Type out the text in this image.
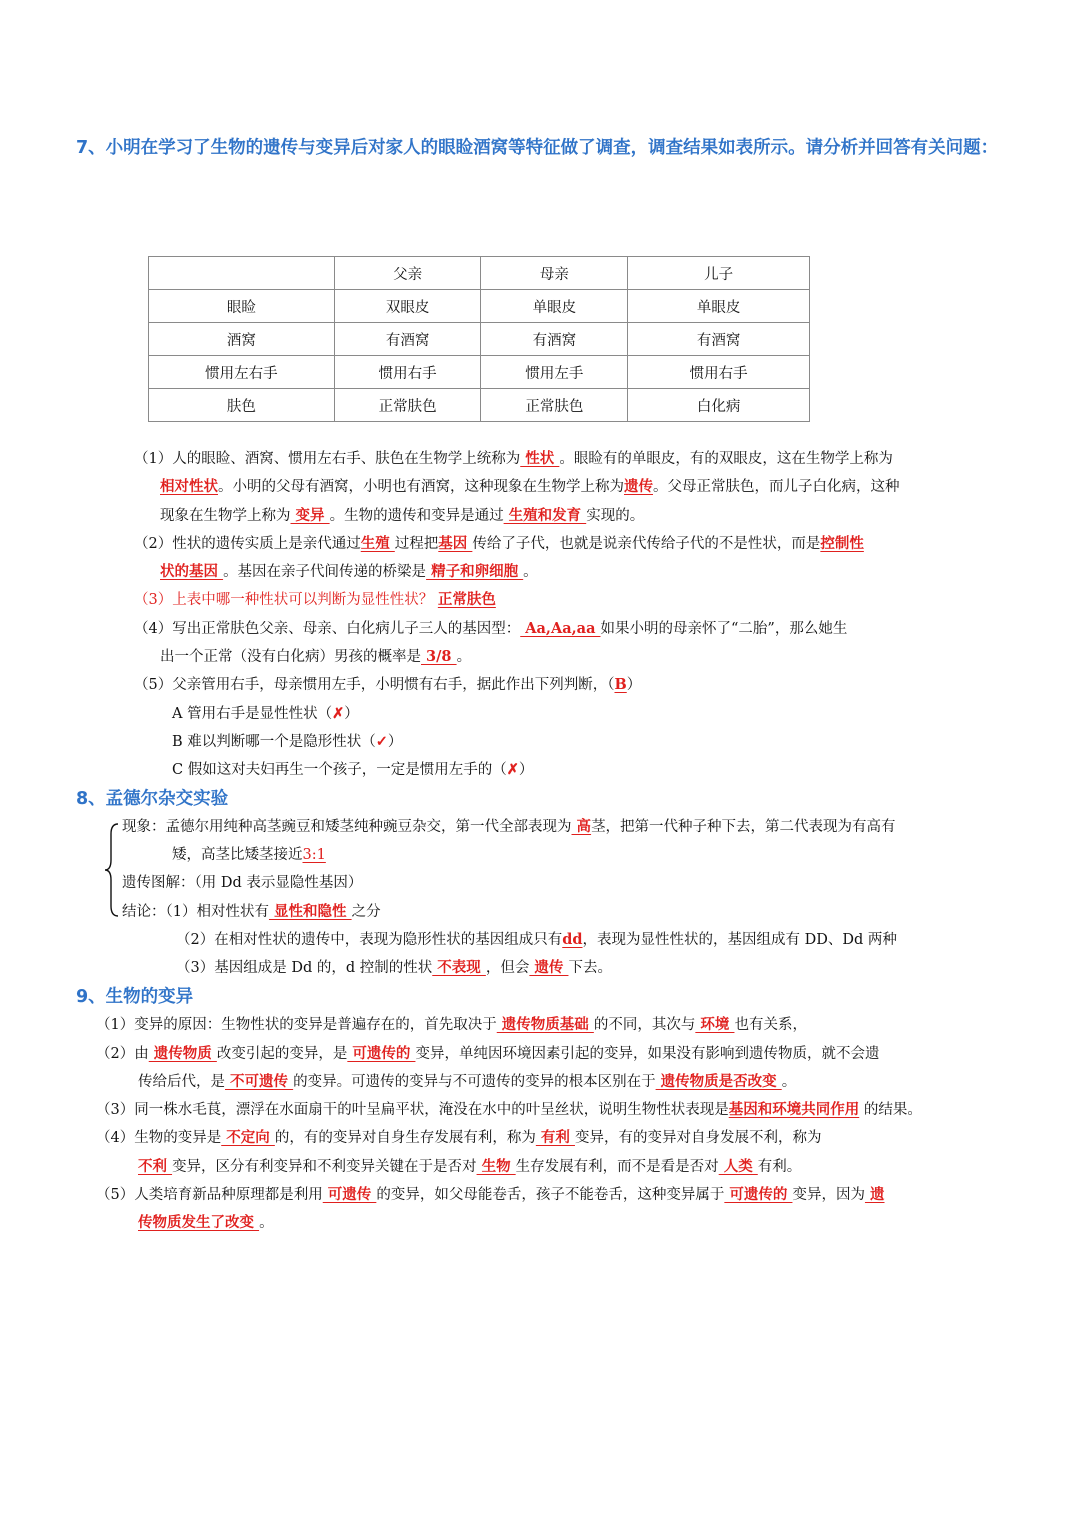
7、小明在学习了生物的遗传与变异后对家人的眼睑酒窝等特征做了调查，调查结果如表所示。请分析并回答有关问题：
	父亲	母亲	儿子
眼睑	双眼皮	单眼皮	单眼皮
酒窝	有酒窝	有酒窝	有酒窝
惯用左右手	惯用右手	惯用左手	惯用右手
肤色	正常肤色	正常肤色	白化病
（1）人的眼睑、酒窝、惯用左右手、肤色在生物学上统称为 性状 。眼睑有的单眼皮，有的双眼皮，这在生物学上称为
相对性状。小明的父母有酒窝，小明也有酒窝，这种现象在生物学上称为遗传。父母正常肤色，而儿子白化病，这种
现象在生物学上称为 变异 。生物的遗传和变异是通过 生殖和发育 实现的。
（2）性状的遗传实质上是亲代通过生殖 过程把基因 传给了子代，也就是说亲代传给子代的不是性状，而是控制性
状的基因 。基因在亲子代间传递的桥梁是 精子和卵细胞 。
（3）上表中哪一种性状可以判断为显性性状？ 正常肤色
（4）写出正常肤色父亲、母亲、白化病儿子三人的基因型： Aa,Aa,aa 如果小明的母亲怀了“二胎”，那么她生
出一个正常（没有白化病）男孩的概率是 3/8 。
（5）父亲管用右手，母亲惯用左手，小明惯有右手，据此作出下列判断，（B）
A 管用右手是显性性状（✗）
B 难以判断哪一个是隐形性状（✓）
C 假如这对夫妇再生一个孩子，一定是惯用左手的（✗）
8、孟德尔杂交实验
现象：孟德尔用纯种高茎豌豆和矮茎纯种豌豆杂交，第一代全部表现为 高茎，把第一代种子种下去，第二代表现为有高有
矮，高茎比矮茎接近3:1
遗传图解：（用 Dd 表示显隐性基因）
结论：（1）相对性状有 显性和隐性 之分
（2）在相对性状的遗传中，表现为隐形性状的基因组成只有dd，表现为显性性状的，基因组成有 DD、Dd 两种
（3）基因组成是 Dd 的，d 控制的性状 不表现 ，但会 遗传 下去。
9、生物的变异
（1）变异的原因：生物性状的变异是普遍存在的，首先取决于 遗传物质基础 的不同，其次与 环境 也有关系，
（2）由 遗传物质 改变引起的变异，是 可遗传的 变异，单纯因环境因素引起的变异，如果没有影响到遗传物质，就不会遗
传给后代，是 不可遗传 的变异。可遗传的变异与不可遗传的变异的根本区别在于 遗传物质是否改变 。
（3）同一株水毛茛，漂浮在水面扇干的叶呈扁平状，淹没在水中的叶呈丝状，说明生物性状表现是基因和环境共同作用 的结果。
（4）生物的变异是 不定向 的，有的变异对自身生存发展有利，称为 有利 变异，有的变异对自身发展不利，称为
不利 变异，区分有利变异和不利变异关键在于是否对 生物 生存发展有利，而不是看是否对 人类 有利。
（5）人类培育新品种原理都是利用 可遗传 的变异，如父母能卷舌，孩子不能卷舌，这种变异属于 可遗传的 变异，因为 遗
传物质发生了改变 。
